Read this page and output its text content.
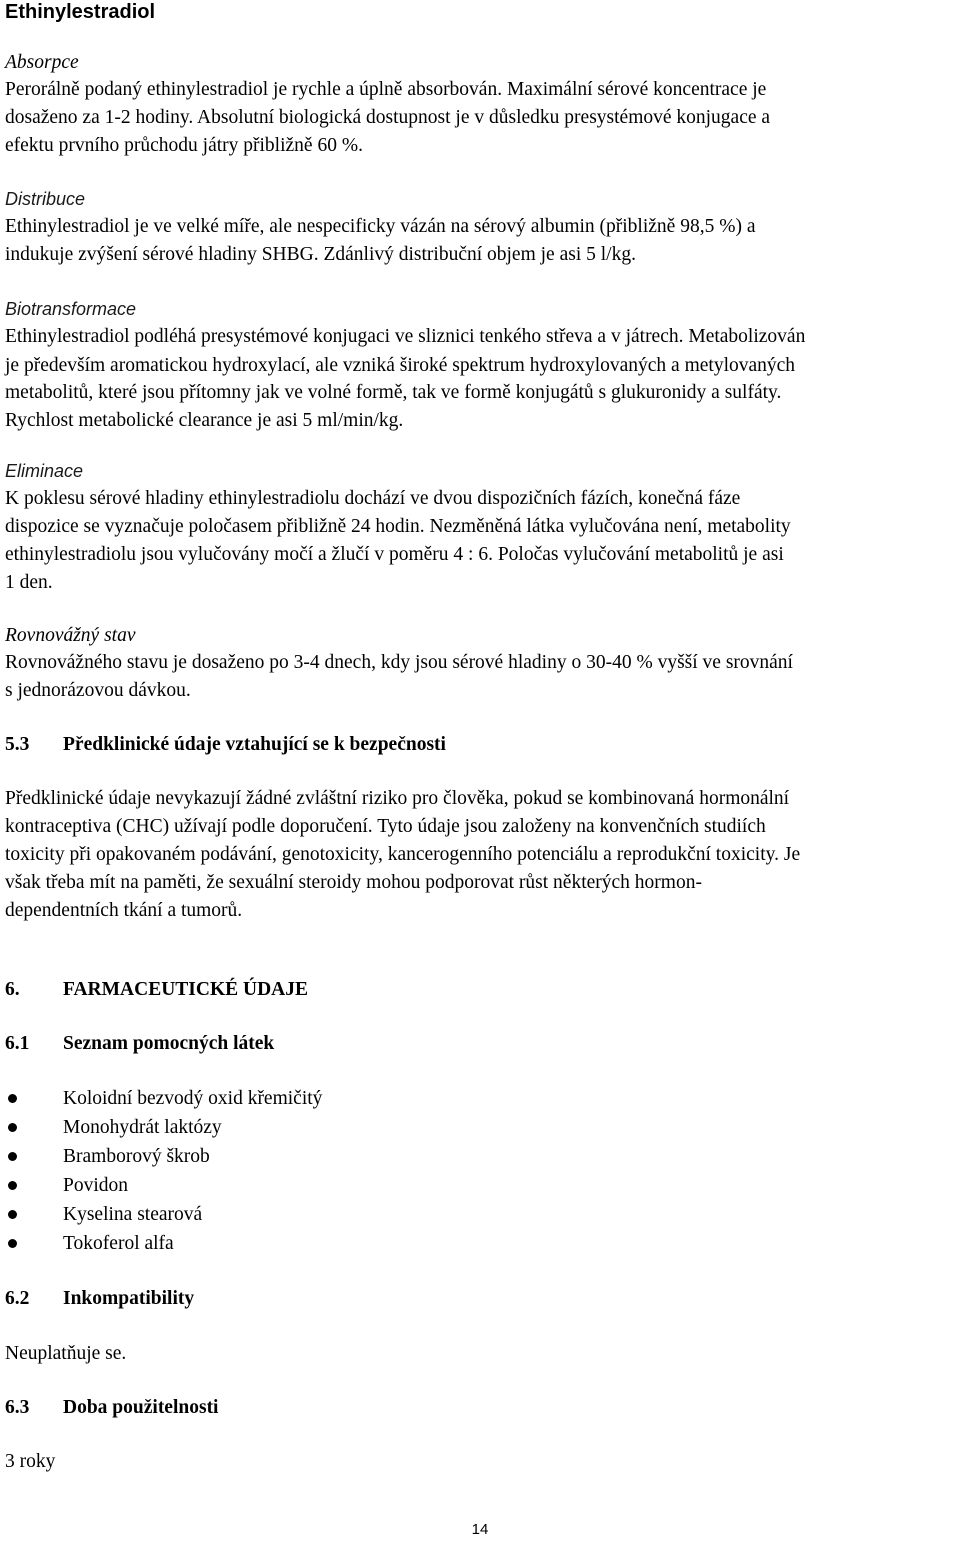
Ethinylestradiol
Absorpce
Perorálně podaný ethinylestradiol je rychle a úplně absorbován. Maximální sérové koncentrace je
dosaženo za 1-2 hodiny. Absolutní biologická dostupnost je v důsledku presystémové konjugace a
efektu prvního průchodu játry přibližně 60 %.
Distribuce
Ethinylestradiol je ve velké míře, ale nespecificky vázán na sérový albumin (přibližně 98,5 %) a
indukuje zvýšení sérové hladiny SHBG. Zdánlivý distribuční objem je asi 5 l/kg.
Biotransformace
Ethinylestradiol podléhá presystémové konjugaci ve sliznici tenkého střeva a v játrech. Metabolizován
je především aromatickou hydroxylací, ale vzniká široké spektrum hydroxylovaných a metylovaných
metabolitů, které jsou přítomny jak ve volné formě, tak ve formě konjugátů s glukuronidy a sulfáty.
Rychlost metabolické clearance je asi 5 ml/min/kg.
Eliminace
K poklesu sérové hladiny ethinylestradiolu dochází ve dvou dispozičních fázích, konečná fáze
dispozice se vyznačuje poločasem přibližně 24 hodin. Nezměněná látka vylučována není, metabolity
ethinylestradiolu jsou vylučovány močí a žlučí v poměru 4 : 6. Poločas vylučování metabolitů je asi
1 den.
Rovnovážný stav
Rovnovážného stavu je dosaženo po 3-4 dnech, kdy jsou sérové hladiny o 30-40 % vyšší ve srovnání
s jednorázovou dávkou.
5.3 Předklinické údaje vztahující se k bezpečnosti
Předklinické údaje nevykazují žádné zvláštní riziko pro člověka, pokud se kombinovaná hormonální
kontraceptiva (CHC) užívají podle doporučení. Tyto údaje jsou založeny na konvenčních studiích
toxicity při opakovaném podávání, genotoxicity, kancerogenního potenciálu a reprodukční toxicity. Je
však třeba mít na paměti, že sexuální steroidy mohou podporovat růst některých hormon-
dependentních tkání a tumorů.
6. FARMACEUTICKÉ ÚDAJE
6.1 Seznam pomocných látek
Koloidní bezvodý oxid křemičitý
Monohydrát laktózy
Bramborový škrob
Povidon
Kyselina stearová
Tokoferol alfa
6.2 Inkompatibility
Neuplatňuje se.
6.3 Doba použitelnosti
3 roky
14
